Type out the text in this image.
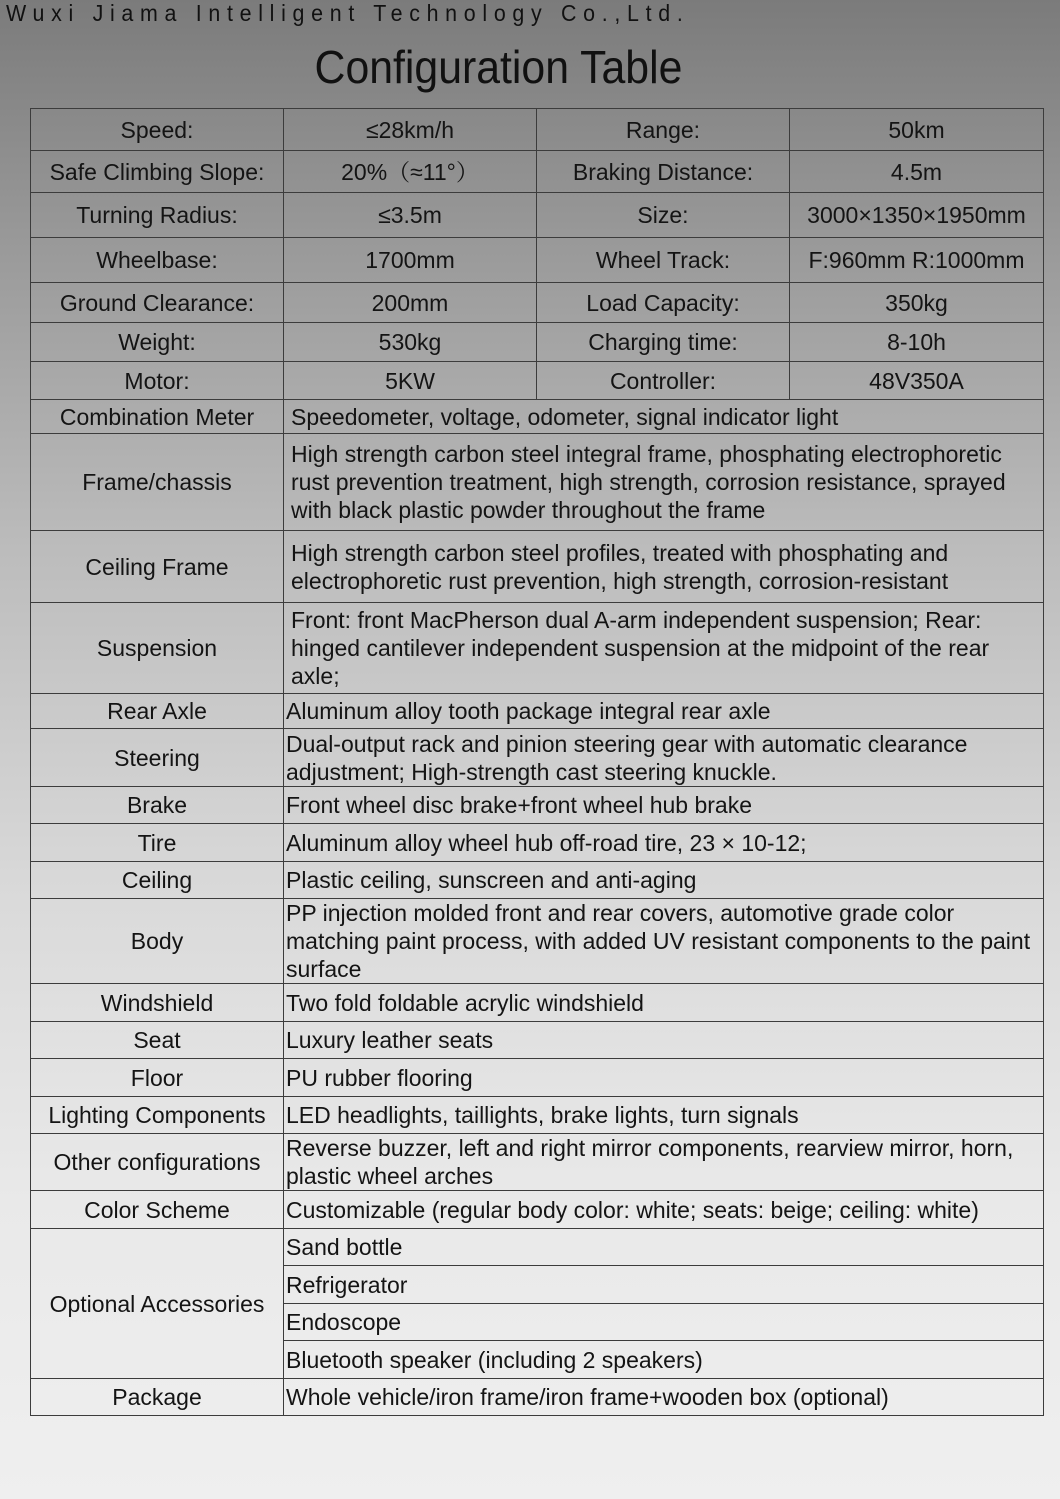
Wuxi Jiama Intelligent Technology Co.,Ltd.
Configuration Table
Speed:	≤28km/h	Range:	50km
Safe Climbing Slope:	20%（≈11°）	Braking Distance:	4.5m
Turning Radius:	≤3.5m	Size:	3000×1350×1950mm
Wheelbase:	1700mm	Wheel Track:	F:960mm R:1000mm
Ground Clearance:	200mm	Load Capacity:	350kg
Weight:	530kg	Charging time:	8-10h
Motor:	5KW	Controller:	48V350A
Combination Meter	Speedometer, voltage, odometer, signal indicator light		
Frame/chassis	High strength carbon steel integral frame, phosphating electrophoretic rust prevention treatment, high strength, corrosion resistance, sprayed with black plastic powder throughout the frame		
Ceiling Frame	High strength carbon steel profiles, treated with phosphating and electrophoretic rust prevention, high strength, corrosion-resistant		
Suspension	Front: front MacPherson dual A-arm independent suspension; Rear: hinged cantilever independent suspension at the midpoint of the rear axle;		
Rear Axle	Aluminum alloy tooth package integral rear axle		
Steering	Dual-output rack and pinion steering gear with automatic clearance adjustment; High-strength cast steering knuckle.		
Brake	Front wheel disc brake+front wheel hub brake		
Tire	Aluminum alloy wheel hub off-road tire, 23 × 10-12;		
Ceiling	Plastic ceiling, sunscreen and anti-aging		
Body	PP injection molded front and rear covers, automotive grade color matching paint process, with added UV resistant components to the paint surface		
Windshield	Two fold foldable acrylic windshield		
Seat	Luxury leather seats		
Floor	PU rubber flooring		
Lighting Components	LED headlights, taillights, brake lights, turn signals		
Other configurations	Reverse buzzer, left and right mirror components, rearview mirror, horn, plastic wheel arches		
Color Scheme	Customizable (regular body color: white; seats: beige; ceiling: white)		
Optional Accessories	Sand bottle		
	Refrigerator		
	Endoscope		
	Bluetooth speaker (including 2 speakers)		
Package	Whole vehicle/iron frame/iron frame+wooden box (optional)		
